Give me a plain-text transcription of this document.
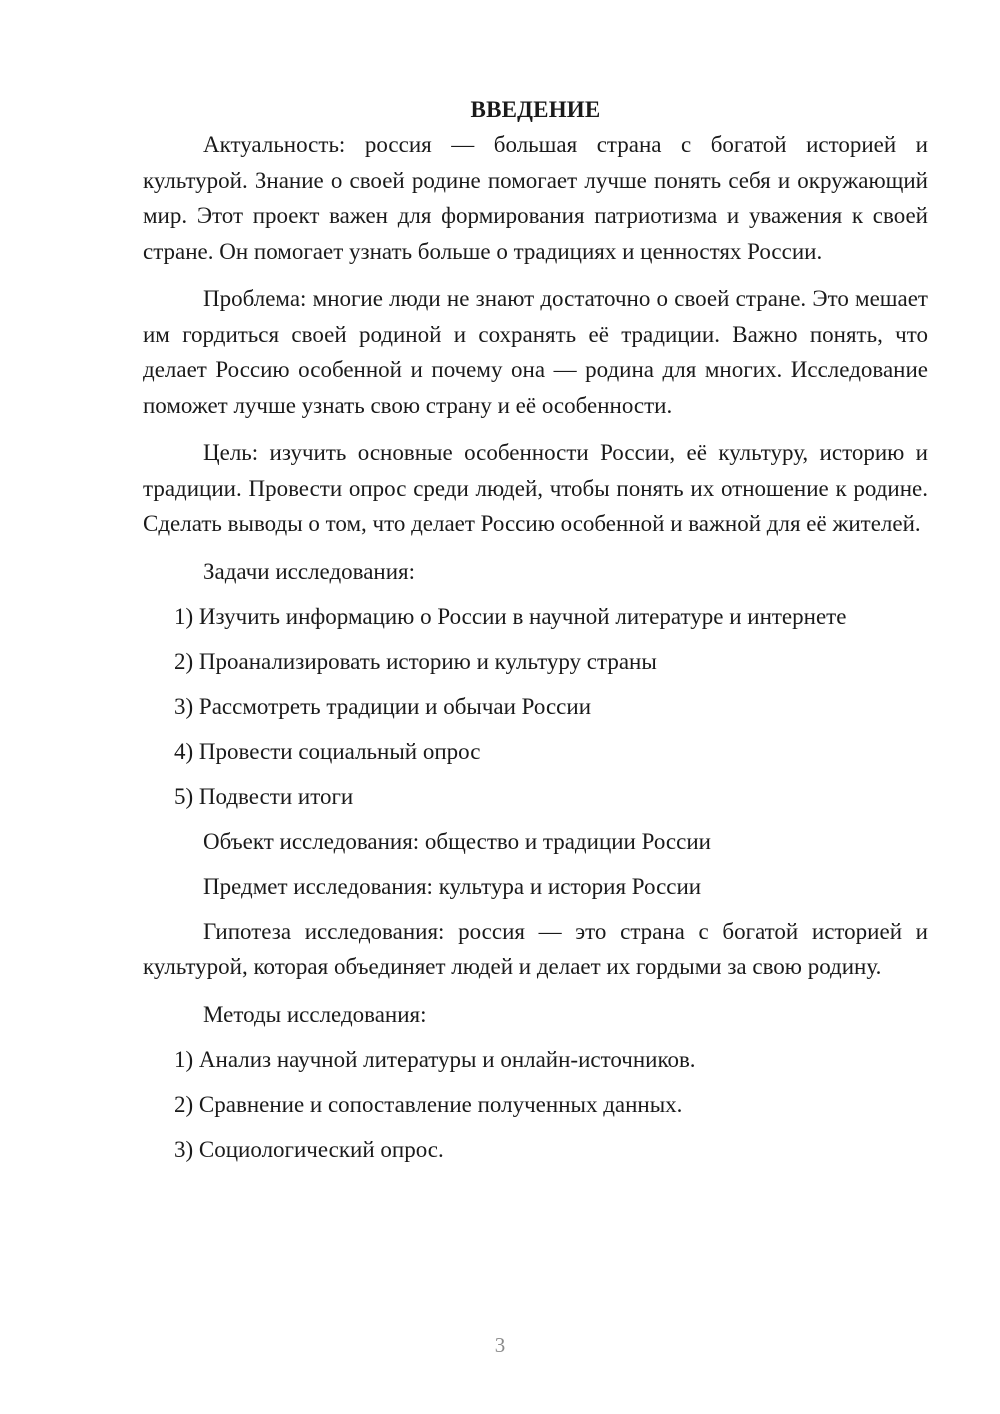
ВВЕДЕНИЕ

Актуальность: россия — большая страна с богатой историей и культурой. Знание о своей родине помогает лучше понять себя и окружающий мир. Этот проект важен для формирования патриотизма и уважения к своей стране. Он помогает узнать больше о традициях и ценностях России.

Проблема: многие люди не знают достаточно о своей стране. Это мешает им гордиться своей родиной и сохранять её традиции. Важно понять, что делает Россию особенной и почему она — родина для многих. Исследование поможет лучше узнать свою страну и её особенности.

Цель: изучить основные особенности России, её культуру, историю и традиции. Провести опрос среди людей, чтобы понять их отношение к родине. Сделать выводы о том, что делает Россию особенной и важной для её жителей.

Задачи исследования:

1) Изучить информацию о России в научной литературе и интернете

2) Проанализировать историю и культуру страны

3) Рассмотреть традиции и обычаи России

4) Провести социальный опрос

5) Подвести итоги

Объект исследования: общество и традиции России

Предмет исследования: культура и история России

Гипотеза исследования: россия — это страна с богатой историей и культурой, которая объединяет людей и делает их гордыми за свою родину.

Методы исследования:

1) Анализ научной литературы и онлайн-источников.

2) Сравнение и сопоставление полученных данных.

3) Социологический опрос.

3
